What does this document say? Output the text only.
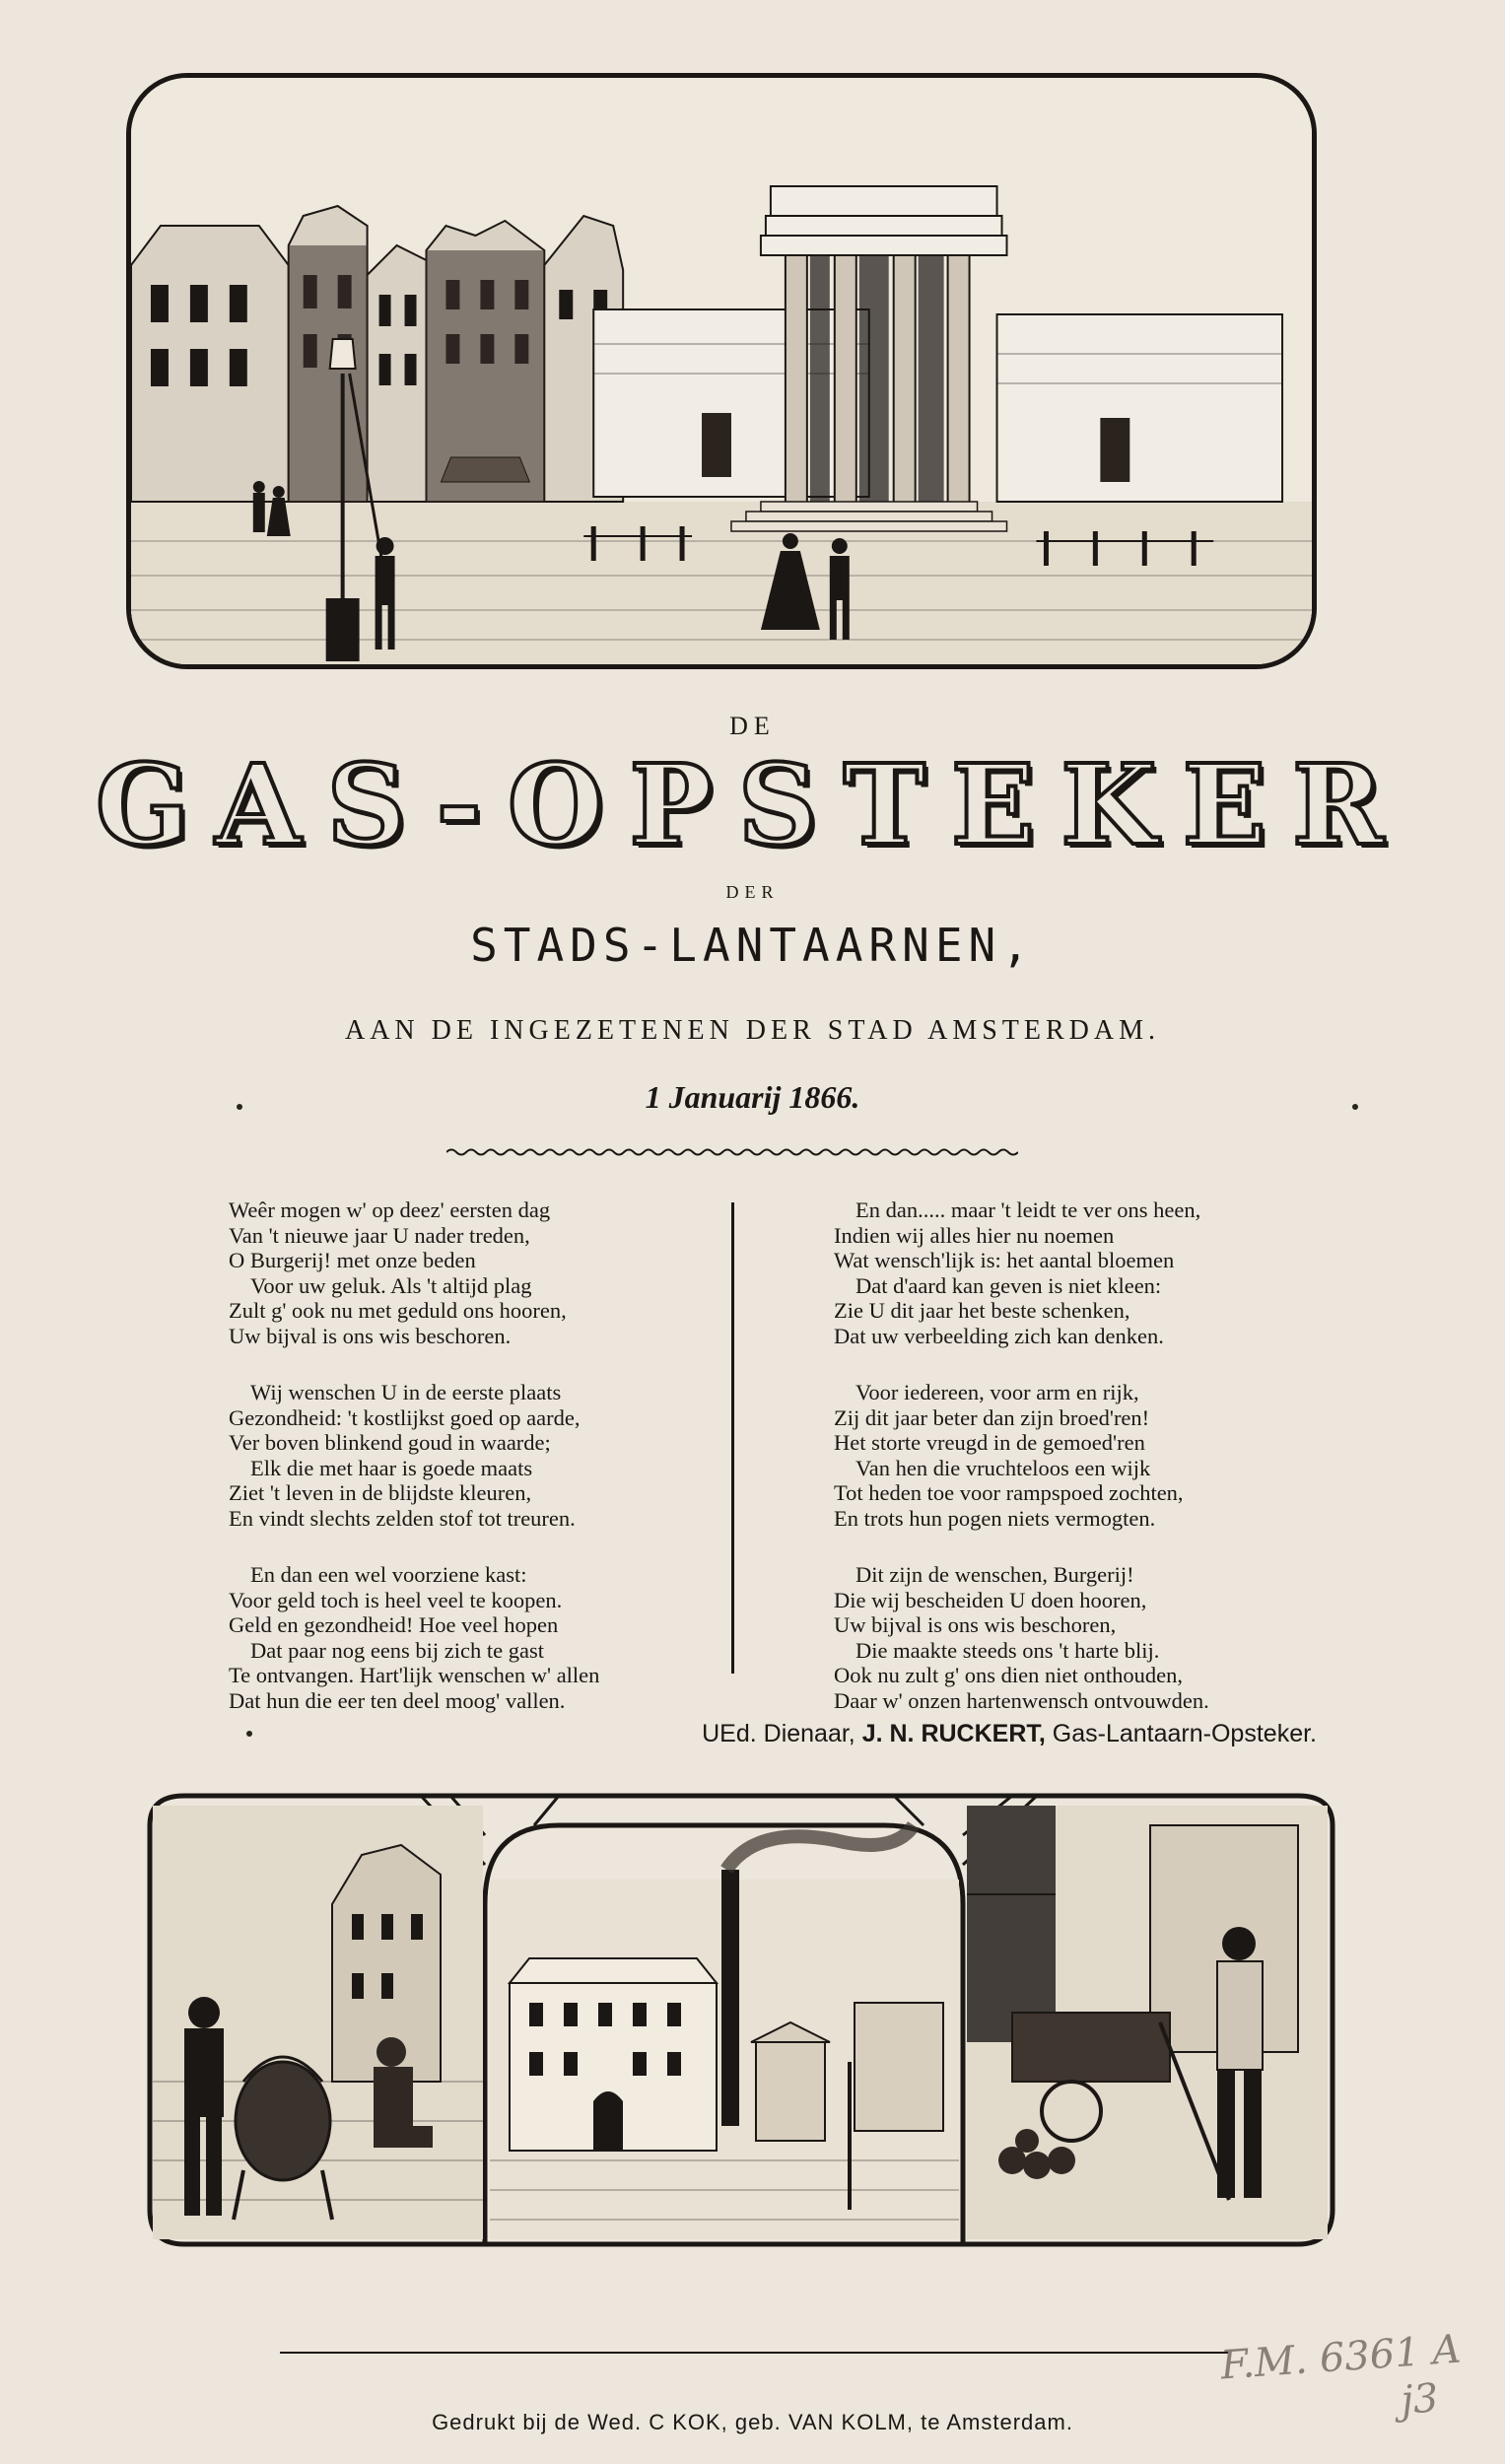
DE
GAS-OPSTEKER
DER
STADS-LANTAARNEN,
AAN DE INGEZETENEN DER STAD AMSTERDAM.
1 Januarij 1866.
Weêr mogen w' op deez' eersten dag
Van 't nieuwe jaar U nader treden,
O Burgerij! met onze beden
Voor uw geluk. Als 't altijd plag
Zult g' ook nu met geduld ons hooren,
Uw bijval is ons wis beschoren.
Wij wenschen U in de eerste plaats
Gezondheid: 't kostlijkst goed op aarde,
Ver boven blinkend goud in waarde;
Elk die met haar is goede maats
Ziet 't leven in de blijdste kleuren,
En vindt slechts zelden stof tot treuren.
En dan een wel voorziene kast:
Voor geld toch is heel veel te koopen.
Geld en gezondheid! Hoe veel hopen
Dat paar nog eens bij zich te gast
Te ontvangen. Hart'lijk wenschen w' allen
Dat hun die eer ten deel moog' vallen.
En dan..... maar 't leidt te ver ons heen,
Indien wij alles hier nu noemen
Wat wensch'lijk is: het aantal bloemen
Dat d'aard kan geven is niet kleen:
Zie U dit jaar het beste schenken,
Dat uw verbeelding zich kan denken.
Voor iedereen, voor arm en rijk,
Zij dit jaar beter dan zijn broed'ren!
Het storte vreugd in de gemoed'ren
Van hen die vruchteloos een wijk
Tot heden toe voor rampspoed zochten,
En trots hun pogen niets vermogten.
Dit zijn de wenschen, Burgerij!
Die wij bescheiden U doen hooren,
Uw bijval is ons wis beschoren,
Die maakte steeds ons 't harte blij.
Ook nu zult g' ons dien niet onthouden,
Daar w' onzen hartenwensch ontvouwden.
UEd. Dienaar, J. N. RUCKERT, Gas-Lantaarn-Opsteker.
Gedrukt bij de Wed. C KOK, geb. VAN KOLM, te Amsterdam.
F.M. 6361 A
j3
